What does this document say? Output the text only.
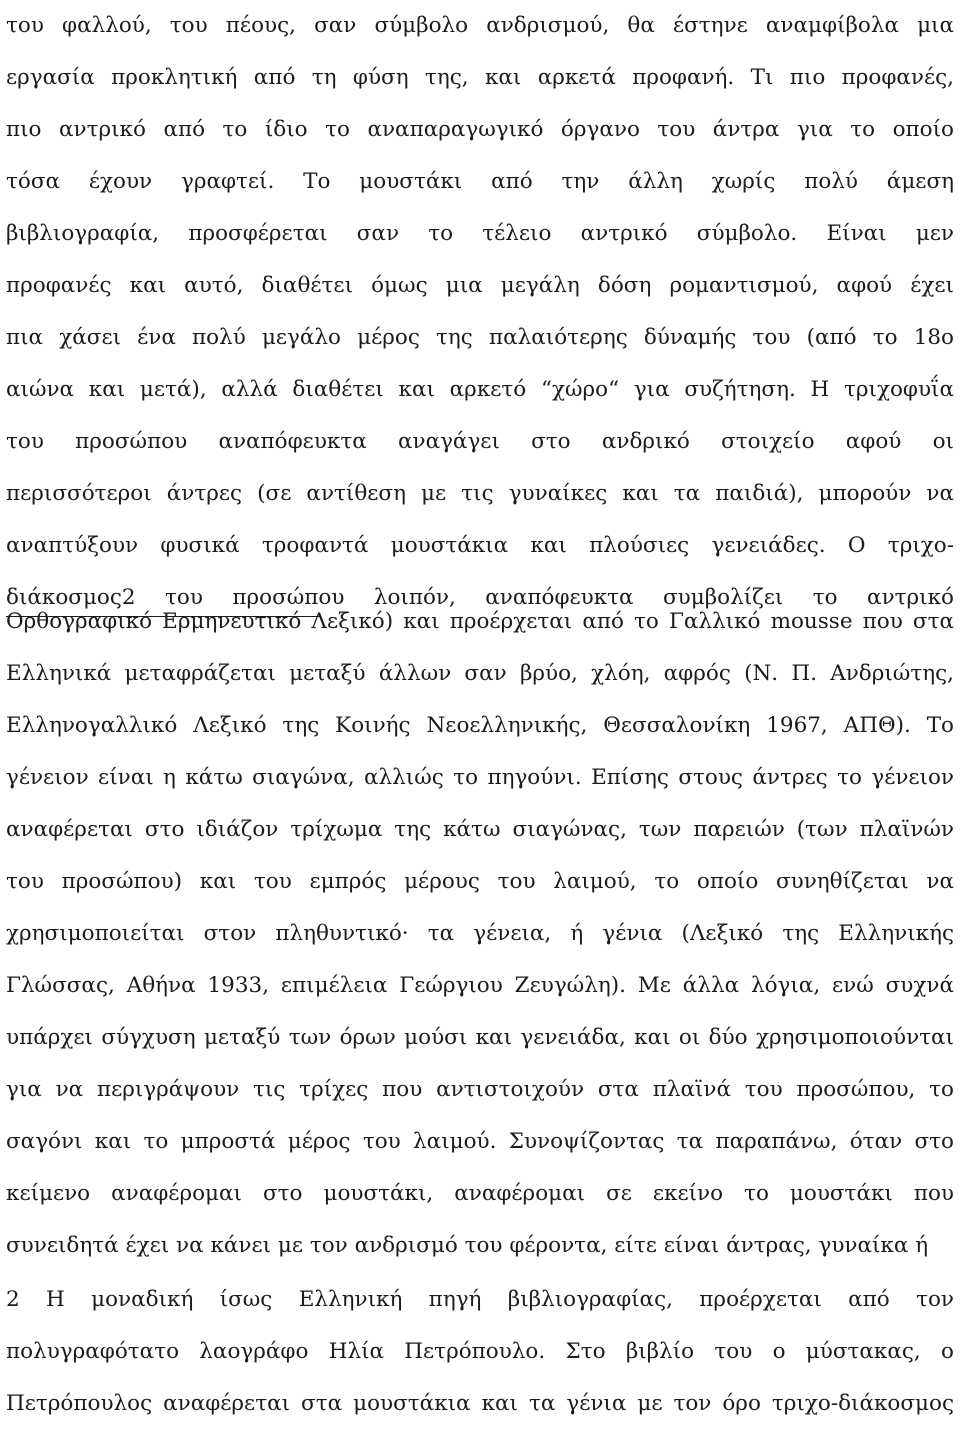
του φαλλού, του πέους, σαν σύμβολο ανδρισμού, θα έστηνε αναμφίβολα μια
εργασία προκλητική από τη φύση της, και αρκετά προφανή. Τι πιο προφανές,
πιο αντρικό από το ίδιο το αναπαραγωγικό όργανο του άντρα για το οποίο
τόσα έχουν γραφτεί. Το μουστάκι από την άλλη χωρίς πολύ άμεση
βιβλιογραφία, προσφέρεται σαν το τέλειο αντρικό σύμβολο. Είναι μεν
προφανές και αυτό, διαθέτει όμως μια μεγάλη δόση ρομαντισμού, αφού έχει
πια χάσει ένα πολύ μεγάλο μέρος της παλαιότερης δύναμής του (από το 18ο
αιώνα και μετά), αλλά διαθέτει και αρκετό “χώρο“ για συζήτηση. Η τριχοφυΐα
του προσώπου αναπόφευκτα αναγάγει στο ανδρικό στοιχείο αφού οι
περισσότεροι άντρες (σε αντίθεση με τις γυναίκες και τα παιδιά), μπορούν να
αναπτύξουν φυσικά τροφαντά μουστάκια και πλούσιες γενειάδες. Ο τριχο-
διάκοσμος2 του προσώπου λοιπόν, αναπόφευκτα συμβολίζει το αντρικό
Ορθογραφικό Ερμηνευτικό Λεξικό) και προέρχεται από το Γαλλικό mousse που στα
Ελληνικά μεταφράζεται μεταξύ άλλων σαν βρύο, χλόη, αφρός (Ν. Π. Ανδριώτης,
Ελληνογαλλικό Λεξικό της Κοινής Νεοελληνικής, Θεσσαλονίκη 1967, ΑΠΘ). Το
γένειον είναι η κάτω σιαγώνα, αλλιώς το πηγούνι. Επίσης στους άντρες το γένειον
αναφέρεται στο ιδιάζον τρίχωμα της κάτω σιαγώνας, των παρειών (των πλαϊνών
του προσώπου) και του εμπρός μέρους του λαιμού, το οποίο συνηθίζεται να
χρησιμοποιείται στον πληθυντικό· τα γένεια, ή γένια (Λεξικό της Ελληνικής
Γλώσσας, Αθήνα 1933, επιμέλεια Γεώργιου Ζευγώλη). Με άλλα λόγια, ενώ συχνά
υπάρχει σύγχυση μεταξύ των όρων μούσι και γενειάδα, και οι δύο χρησιμοποιούνται
για να περιγράψουν τις τρίχες που αντιστοιχούν στα πλαϊνά του προσώπου, το
σαγόνι και το μπροστά μέρος του λαιμού. Συνοψίζοντας τα παραπάνω, όταν στο
κείμενο αναφέρομαι στο μουστάκι, αναφέρομαι σε εκείνο το μουστάκι που
συνειδητά έχει να κάνει με τον ανδρισμό του φέροντα, είτε είναι άντρας, γυναίκα ή
2 Η μοναδική ίσως Ελληνική πηγή βιβλιογραφίας, προέρχεται από τον
πολυγραφότατο λαογράφο Ηλία Πετρόπουλο. Στο βιβλίο του ο μύστακας, ο
Πετρόπουλος αναφέρεται στα μουστάκια και τα γένια με τον όρο τριχο-διάκοσμος
